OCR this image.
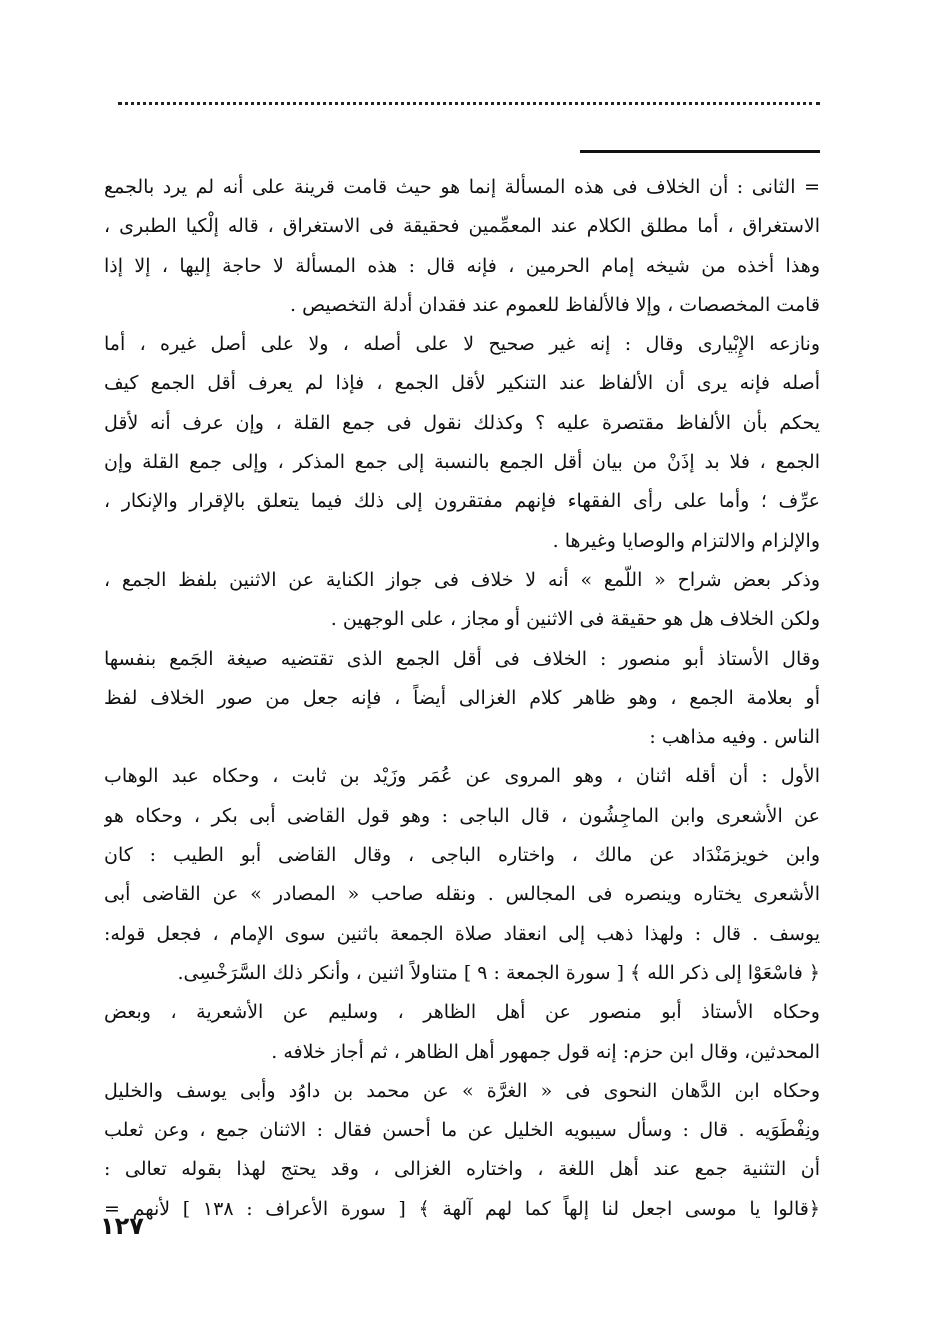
= الثانى : أن الخلاف فى هذه المسألة إنما هو حيث قامت قرينة على أنه لم يرد بالجمع
الاستغراق ، أما مطلق الكلام عند المعمِّمين فحقيقة فى الاستغراق ، قاله إلْكيا الطبرى ،
وهذا أخذه من شيخه إمام الحرمين ، فإنه قال : هذه المسألة لا حاجة إليها ، إلا إذا
قامت المخصصات ، وإلا فالألفاظ للعموم عند فقدان أدلة التخصيص .
ونازعه الإِبْيارى وقال : إنه غير صحيح لا على أصله ، ولا على أصل غيره ، أما
أصله فإنه يرى أن الألفاظ عند التنكير لأقل الجمع ، فإذا لم يعرف أقل الجمع كيف
يحكم بأن الألفاظ مقتصرة عليه ؟ وكذلك نقول فى جمع القلة ، وإن عرف أنه لأقل
الجمع ، فلا بد إذَنْ من بيان أقل الجمع بالنسبة إلى جمع المذكر ، وإلى جمع القلة وإن
عرِّف ؛ وأما على رأى الفقهاء فإنهم مفتقرون إلى ذلك فيما يتعلق بالإقرار والإنكار ،
والإلزام والالتزام والوصايا وغيرها .
وذكر بعض شراح « اللّمع » أنه لا خلاف فى جواز الكناية عن الاثنين بلفظ الجمع ،
ولكن الخلاف هل هو حقيقة فى الاثنين أو مجاز ، على الوجهين .
وقال الأستاذ أبو منصور : الخلاف فى أقل الجمع الذى تقتضيه صيغة الجَمع بنفسها
أو بعلامة الجمع ، وهو ظاهر كلام الغزالى أيضاً ، فإنه جعل من صور الخلاف لفظ
الناس . وفيه مذاهب :
الأول : أن أقله اثنان ، وهو المروى عن عُمَر وزَيْد بن ثابت ، وحكاه عبد الوهاب
عن الأشعرى وابن الماجِشُون ، قال الباجى : وهو قول القاضى أبى بكر ، وحكاه هو
وابن خويزمَنْدَاد عن مالك ، واختاره الباجى ، وقال القاضى أبو الطيب : كان
الأشعرى يختاره وينصره فى المجالس . ونقله صاحب « المصادر » عن القاضى أبى
يوسف . قال : ولهذا ذهب إلى انعقاد صلاة الجمعة باثنين سوى الإمام ، فجعل قوله:
﴿ فاسْعَوْا إلى ذكر الله ﴾ [ سورة الجمعة : ٩ ] متناولاً اثنين ، وأنكر ذلك السَّرَخْسِى.
وحكاه الأستاذ أبو منصور عن أهل الظاهر ، وسليم عن الأشعرية ، وبعض
المحدثين، وقال ابن حزم: إنه قول جمهور أهل الظاهر ، ثم أجاز خلافه .
وحكاه ابن الدَّهان النحوى فى « الغرَّة » عن محمد بن داوُد وأبى يوسف والخليل
ونِفْطَوَيه . قال : وسأل سيبويه الخليل عن ما أحسن فقال : الاثنان جمع ، وعن ثعلب
أن التثنية جمع عند أهل اللغة ، واختاره الغزالى ، وقد يحتج لهذا بقوله تعالى :
﴿قالوا يا موسى اجعل لنا إلهاً كما لهم آلهة ﴾ [ سورة الأعراف : ١٣٨ ] لأنهم =
١٢٧
